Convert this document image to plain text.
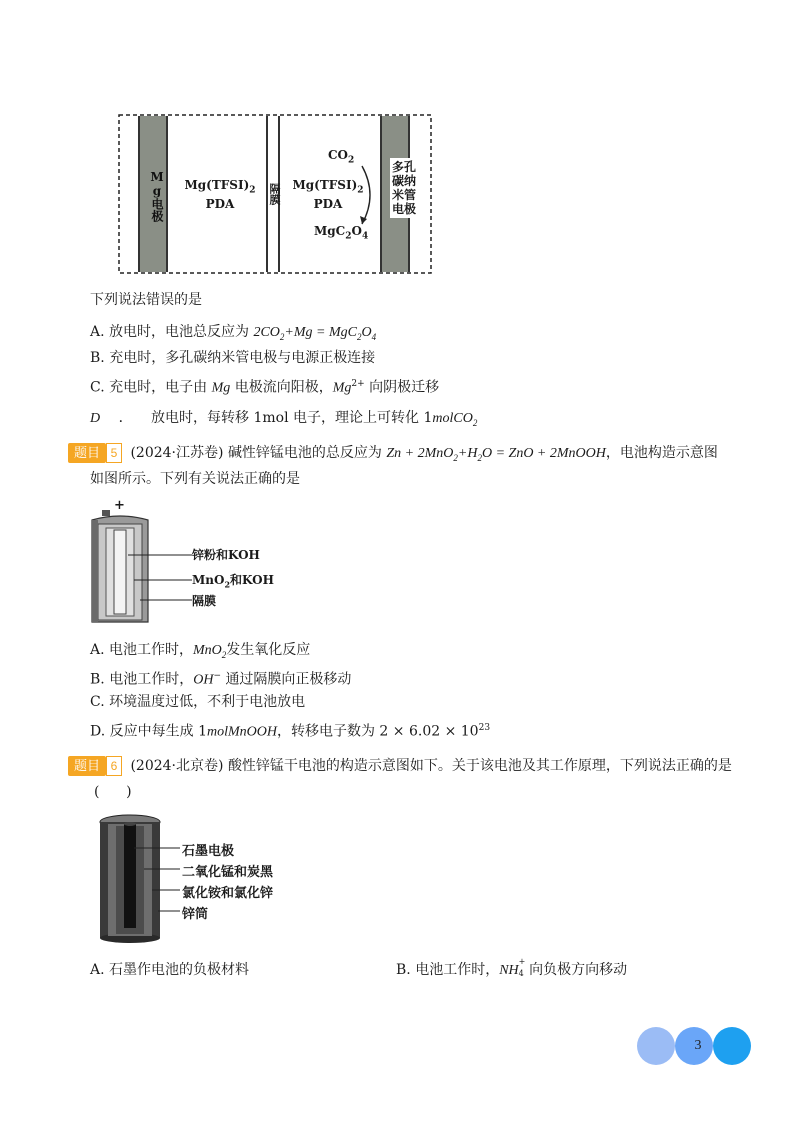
Mg电极	$Mg(TFSI)_2$
PDA	隔膜 $Mg(TFSI)_2$
PDA
$CO_2$
$MgC_2O_4$
多孔碳纳米管电极
下列说法错误的是
A. 放电时，电池总反应为 $2CO_2+Mg = MgC_2O_4$
B. 充电时，多孔碳纳米管电极与电源正极连接
C. 充电时，电子由 Mg 电极流向阳极，$Mg^{2+}$ 向阴极迁移
D ． 放电时，每转移 1mol 电子，理论上可转化 1molCO$_2$
题目 5 (2024·江苏卷) 碱性锌锰电池的总反应为 $Zn + 2MnO_2+H_2O$ = ZnO + 2MnOOH，电池构造示意图
如图所示。下列有关说法正确的是
+
锌粉和KOH
MnO$_2$和KOH
隔膜
A. 电池工作时，MnO$_2$发生氧化反应
B. 电池工作时，OH− 通过隔膜向正极移动
C. 环境温度过低，不利于电池放电
D. 反应中每生成 1molMnOOH，转移电子数为 $2 \times 6.02 \times 10^{23}$
题目 6 (2024·北京卷) 酸性锌锰干电池的构造示意图如下。关于该电池及其工作原理，下列说法正确的是
(      )
石墨电极
二氧化锰和炭黑
氯化铵和氯化锌
锌筒
A. 石墨作电池的负极材料	B. 电池工作时，NH
+
4 向负极方向移动
3
